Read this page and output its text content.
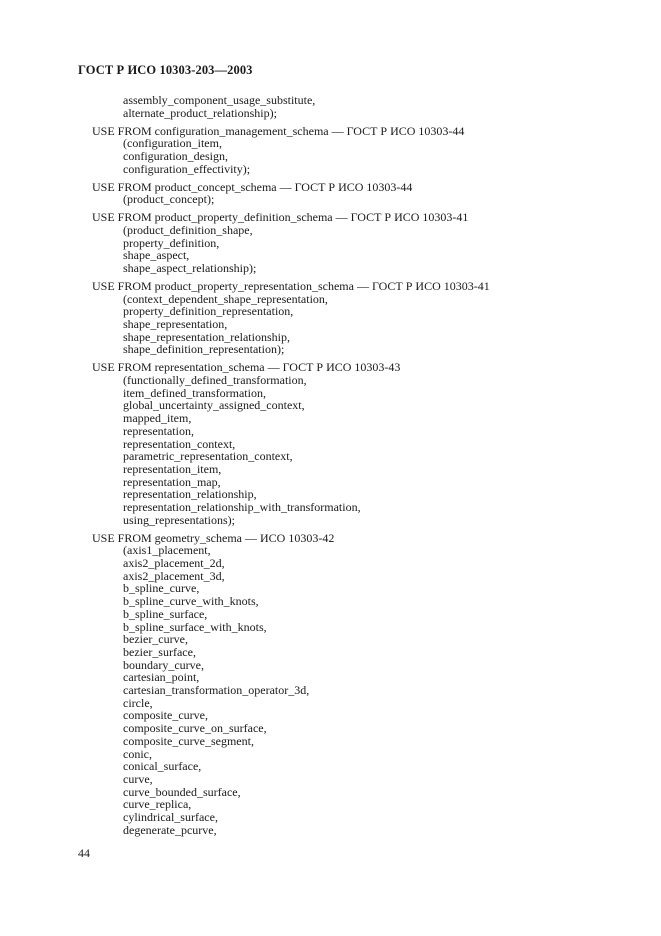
ГОСТ Р ИСО 10303-203—2003
assembly_component_usage_substitute,
alternate_product_relationship);
USE FROM configuration_management_schema — ГОСТ Р ИСО 10303-44
(configuration_item,
configuration_design,
configuration_effectivity);
USE FROM product_concept_schema — ГОСТ Р ИСО 10303-44
(product_concept);
USE FROM product_property_definition_schema — ГОСТ Р ИСО 10303-41
(product_definition_shape,
property_definition,
shape_aspect,
shape_aspect_relationship);
USE FROM product_property_representation_schema — ГОСТ Р ИСО 10303-41
(context_dependent_shape_representation,
property_definition_representation,
shape_representation,
shape_representation_relationship,
shape_definition_representation);
USE FROM representation_schema — ГОСТ Р ИСО 10303-43
(functionally_defined_transformation,
item_defined_transformation,
global_uncertainty_assigned_context,
mapped_item,
representation,
representation_context,
parametric_representation_context,
representation_item,
representation_map,
representation_relationship,
representation_relationship_with_transformation,
using_representations);
USE FROM geometry_schema — ИСО 10303-42
(axis1_placement,
axis2_placement_2d,
axis2_placement_3d,
b_spline_curve,
b_spline_curve_with_knots,
b_spline_surface,
b_spline_surface_with_knots,
bezier_curve,
bezier_surface,
boundary_curve,
cartesian_point,
cartesian_transformation_operator_3d,
circle,
composite_curve,
composite_curve_on_surface,
composite_curve_segment,
conic,
conical_surface,
curve,
curve_bounded_surface,
curve_replica,
cylindrical_surface,
degenerate_pcurve,
44
